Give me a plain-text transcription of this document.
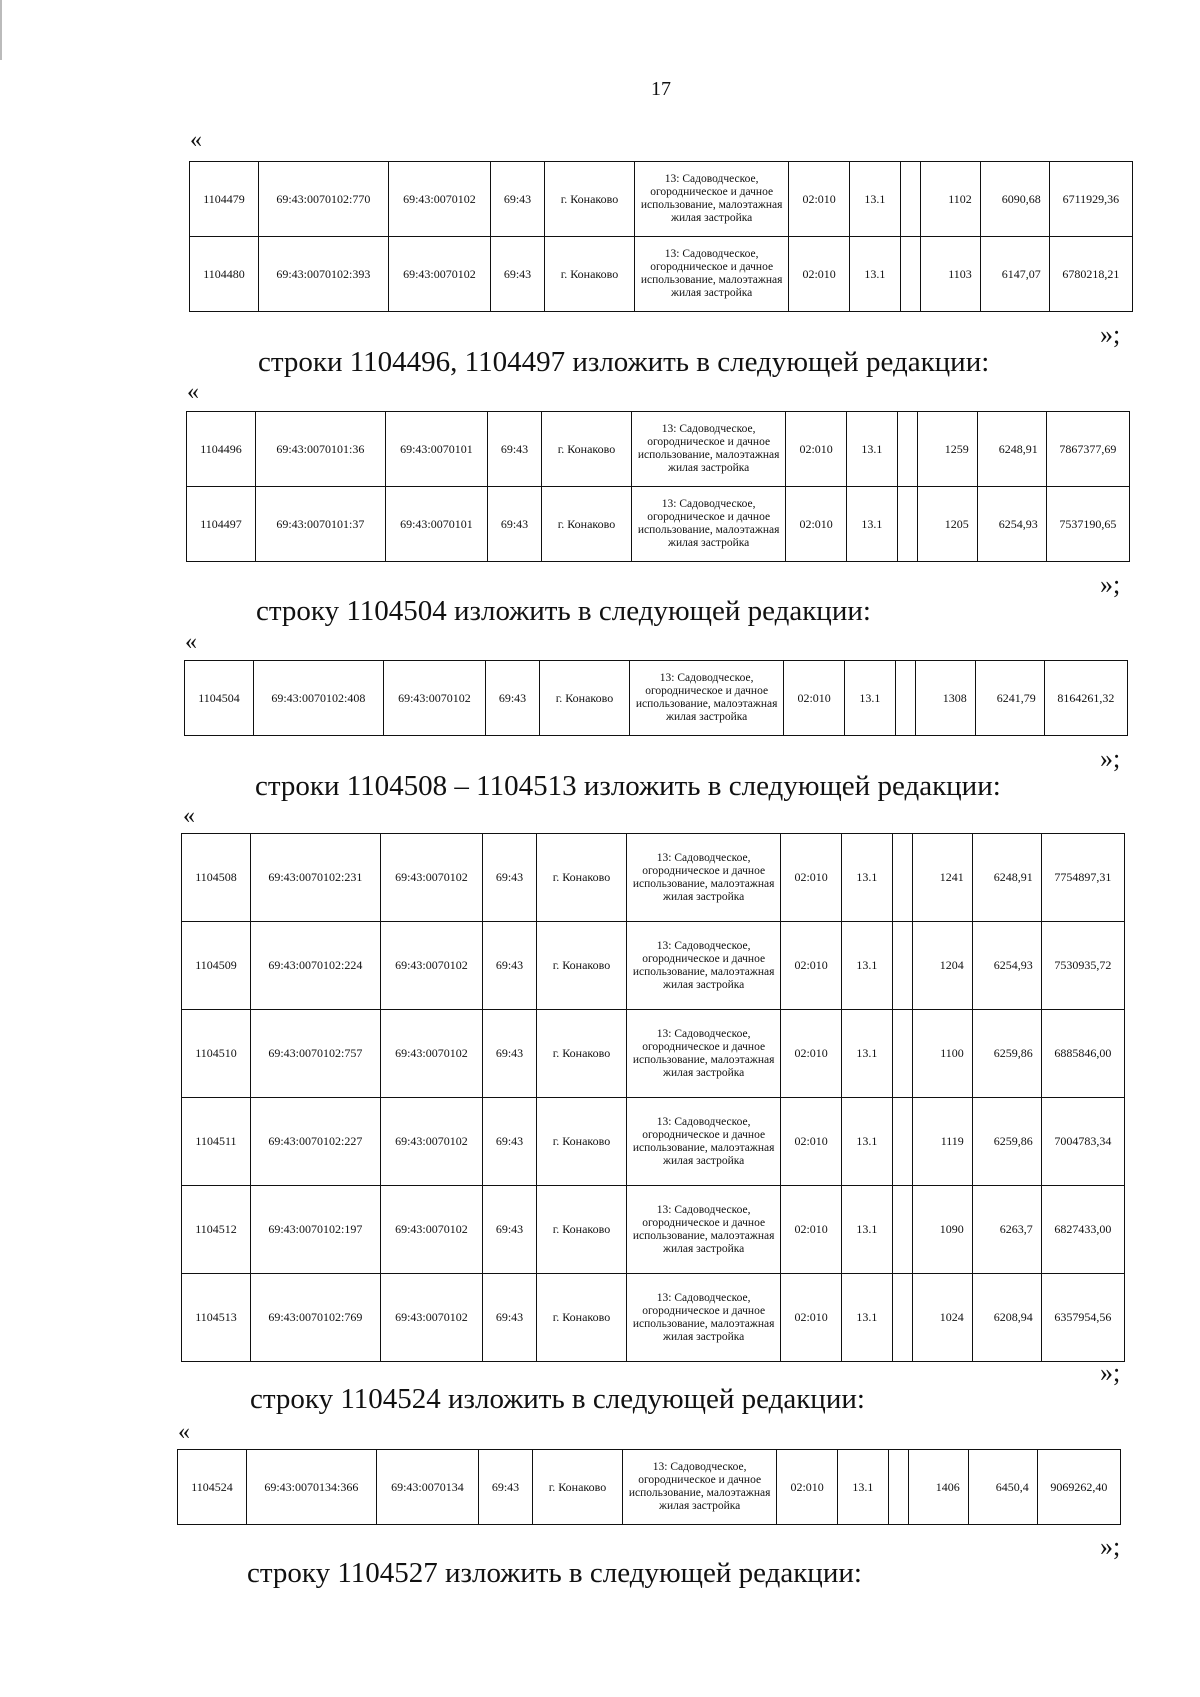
17
«
1104479	69:43:0070102:770	69:43:0070102	69:43	г. Конаково	13: Садоводческое, огородническое и дачное использование, малоэтажная жилая застройка	02:010	13.1		1102	6090,68	6711929,36
1104480	69:43:0070102:393	69:43:0070102	69:43	г. Конаково	13: Садоводческое, огородническое и дачное использование, малоэтажная жилая застройка	02:010	13.1		1103	6147,07	6780218,21
»;
строки 1104496, 1104497 изложить в следующей редакции:
«
1104496	69:43:0070101:36	69:43:0070101	69:43	г. Конаково	13: Садоводческое, огородническое и дачное использование, малоэтажная жилая застройка	02:010	13.1		1259	6248,91	7867377,69
1104497	69:43:0070101:37	69:43:0070101	69:43	г. Конаково	13: Садоводческое, огородническое и дачное использование, малоэтажная жилая застройка	02:010	13.1		1205	6254,93	7537190,65
»;
строку 1104504 изложить в следующей редакции:
«
1104504	69:43:0070102:408	69:43:0070102	69:43	г. Конаково	13: Садоводческое, огородническое и дачное использование, малоэтажная жилая застройка	02:010	13.1		1308	6241,79	8164261,32
»;
строки 1104508 – 1104513 изложить в следующей редакции:
«
1104508	69:43:0070102:231	69:43:0070102	69:43	г. Конаково	13: Садоводческое, огородническое и дачное использование, малоэтажная жилая застройка	02:010	13.1		1241	6248,91	7754897,31
1104509	69:43:0070102:224	69:43:0070102	69:43	г. Конаково	13: Садоводческое, огородническое и дачное использование, малоэтажная жилая застройка	02:010	13.1		1204	6254,93	7530935,72
1104510	69:43:0070102:757	69:43:0070102	69:43	г. Конаково	13: Садоводческое, огородническое и дачное использование, малоэтажная жилая застройка	02:010	13.1		1100	6259,86	6885846,00
1104511	69:43:0070102:227	69:43:0070102	69:43	г. Конаково	13: Садоводческое, огородническое и дачное использование, малоэтажная жилая застройка	02:010	13.1		1119	6259,86	7004783,34
1104512	69:43:0070102:197	69:43:0070102	69:43	г. Конаково	13: Садоводческое, огородническое и дачное использование, малоэтажная жилая застройка	02:010	13.1		1090	6263,7	6827433,00
1104513	69:43:0070102:769	69:43:0070102	69:43	г. Конаково	13: Садоводческое, огородническое и дачное использование, малоэтажная жилая застройка	02:010	13.1		1024	6208,94	6357954,56
»;
строку 1104524 изложить в следующей редакции:
«
1104524	69:43:0070134:366	69:43:0070134	69:43	г. Конаково	13: Садоводческое, огородническое и дачное использование, малоэтажная жилая застройка	02:010	13.1		1406	6450,4	9069262,40
»;
строку 1104527 изложить в следующей редакции:
